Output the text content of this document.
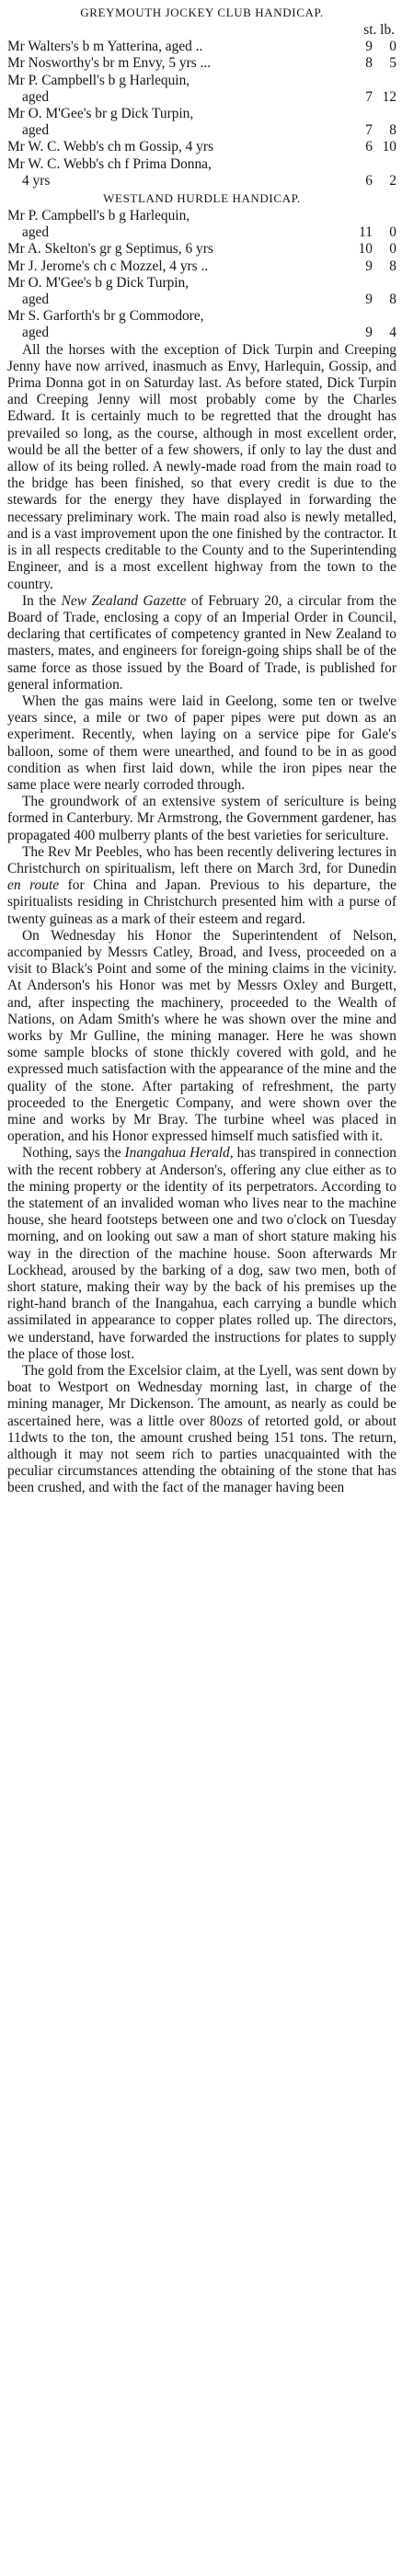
GREYMOUTH JOCKEY CLUB HANDICAP.
st. lb.
Mr Walters's b m Yatterina, aged ..	9	0
Mr Nosworthy's br m Envy, 5 yrs ...	8	5
Mr P. Campbell's b g Harlequin,
aged	7 12
Mr O. M'Gee's br g Dick Turpin,
aged	7	8
Mr W. C. Webb's ch m Gossip, 4 yrs	6 10
Mr W. C. Webb's ch f Prima Donna,
4 yrs	6	2
WESTLAND HURDLE HANDICAP.
Mr P. Campbell's b g Harlequin,
aged	11	0
Mr A. Skelton's gr g Septimus, 6 yrs	10	0
Mr J. Jerome's ch c Mozzel, 4 yrs ..	9	8
Mr O. M'Gee's b g Dick Turpin,
aged	9	8
Mr S. Garforth's br g Commodore,
aged	9	4

All the horses with the exception of Dick Turpin and Creeping Jenny have now arrived, inasmuch as Envy, Harlequin, Gossip, and Prima Donna got in on Saturday last. As before stated, Dick Turpin and Creeping Jenny will most probably come by the Charles Edward. It is certainly much to be regretted that the drought has prevailed so long, as the course, although in most excellent order, would be all the better of a few showers, if only to lay the dust and allow of its being rolled. A newly-made road from the main road to the bridge has been finished, so that every credit is due to the stewards for the energy they have displayed in forwarding the necessary preliminary work. The main road also is newly metalled, and is a vast improvement upon the one finished by the contractor. It is in all respects creditable to the County and to the Superintending Engineer, and is a most excellent highway from the town to the country.

In the New Zealand Gazette of February 20, a circular from the Board of Trade, enclosing a copy of an Imperial Order in Council, declaring that certificates of competency granted in New Zealand to masters, mates, and engineers for foreign-going ships shall be of the same force as those issued by the Board of Trade, is published for general information.

When the gas mains were laid in Geelong, some ten or twelve years since, a mile or two of paper pipes were put down as an experiment. Recently, when laying on a service pipe for Gale's balloon, some of them were unearthed, and found to be in as good condition as when first laid down, while the iron pipes near the same place were nearly corroded through.

The groundwork of an extensive system of sericulture is being formed in Canterbury. Mr Armstrong, the Government gardener, has propagated 400 mulberry plants of the best varieties for sericulture.

The Rev Mr Peebles, who has been recently delivering lectures in Christchurch on spiritualism, left there on March 3rd, for Dunedin en route for China and Japan. Previous to his departure, the spiritualists residing in Christchurch presented him with a purse of twenty guineas as a mark of their esteem and regard.

On Wednesday his Honor the Superintendent of Nelson, accompanied by Messrs Catley, Broad, and Ivess, proceeded on a visit to Black's Point and some of the mining claims in the vicinity. At Anderson's his Honor was met by Messrs Oxley and Burgett, and, after inspecting the machinery, proceeded to the Wealth of Nations, on Adam Smith's where he was shown over the mine and works by Mr Gulline, the mining manager. Here he was shown some sample blocks of stone thickly covered with gold, and he expressed much satisfaction with the appearance of the mine and the quality of the stone. After partaking of refreshment, the party proceeded to the Energetic Company, and were shown over the mine and works by Mr Bray. The turbine wheel was placed in operation, and his Honor expressed himself much satisfied with it.

Nothing, says the Inangahua Herald, has transpired in connection with the recent robbery at Anderson's, offering any clue either as to the mining property or the identity of its perpetrators. According to the statement of an invalided woman who lives near to the machine house, she heard footsteps between one and two o'clock on Tuesday morning, and on looking out saw a man of short stature making his way in the direction of the machine house. Soon afterwards Mr Lockhead, aroused by the barking of a dog, saw two men, both of short stature, making their way by the back of his premises up the right-hand branch of the Inangahua, each carrying a bundle which assimilated in appearance to copper plates rolled up. The directors, we understand, have forwarded the instructions for plates to supply the place of those lost.

The gold from the Excelsior claim, at the Lyell, was sent down by boat to Westport on Wednesday morning last, in charge of the mining manager, Mr Dickenson. The amount, as nearly as could be ascertained here, was a little over 80ozs of retorted gold, or about 11dwts to the ton, the amount crushed being 151 tons. The return, although it may not seem rich to parties unacquainted with the peculiar circumstances attending the obtaining of the stone that has been crushed, and with the fact of the manager having been
